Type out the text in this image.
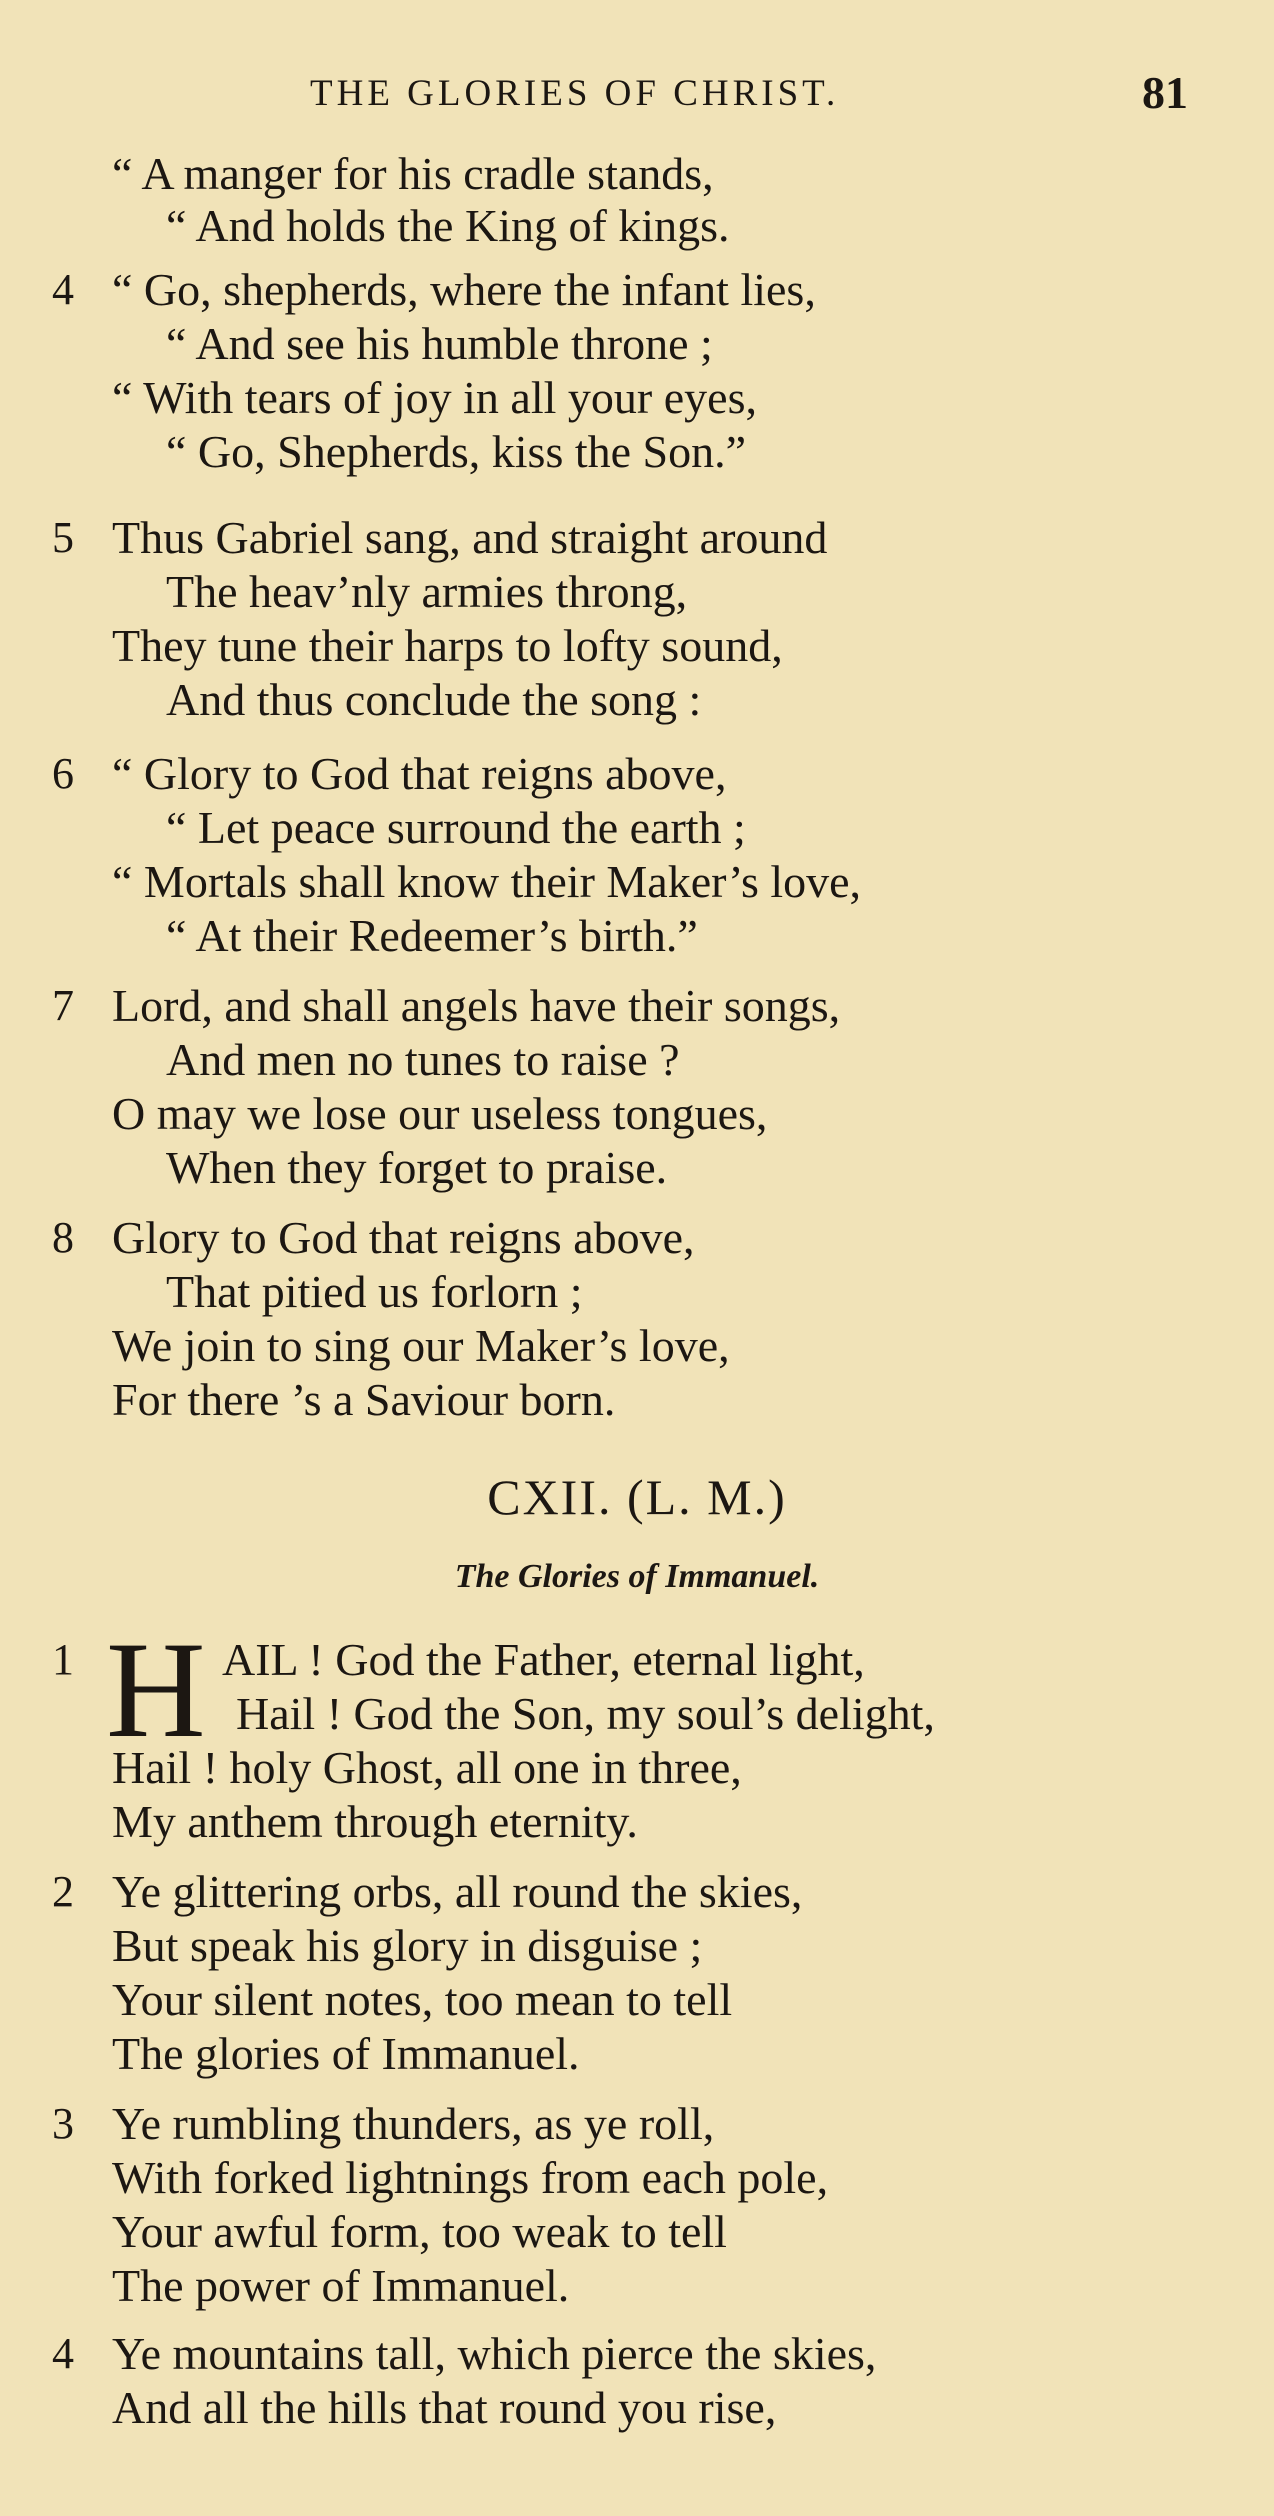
THE GLORIES OF CHRIST.	81
“ A manger for his cradle stands,
“ And holds the King of kings.
4 “ Go, shepherds, where the infant lies,
“ And see his humble throne ;
“ With tears of joy in all your eyes,
“ Go, Shepherds, kiss the Son.”
5 Thus Gabriel sang, and straight around
The heav’nly armies throng,
They tune their harps to lofty sound,
And thus conclude the song :
6 “ Glory to God that reigns above,
“ Let peace surround the earth ;
“ Mortals shall know their Maker’s love,
“ At their Redeemer’s birth.”
7 Lord, and shall angels have their songs,
And men no tunes to raise ?
O may we lose our useless tongues,
When they forget to praise.
8 Glory to God that reigns above,
That pitied us forlorn ;
We join to sing our Maker’s love,
For there ’s a Saviour born.
CXII. (L. M.)
The Glories of Immanuel.
1 H AIL ! God the Father, eternal light,
Hail ! God the Son, my soul’s delight,
Hail ! holy Ghost, all one in three,
My anthem through eternity.
2 Ye glittering orbs, all round the skies,
But speak his glory in disguise ;
Your silent notes, too mean to tell
The glories of Immanuel.
3 Ye rumbling thunders, as ye roll,
With forked lightnings from each pole,
Your awful form, too weak to tell
The power of Immanuel.
4 Ye mountains tall, which pierce the skies,
And all the hills that round you rise,
